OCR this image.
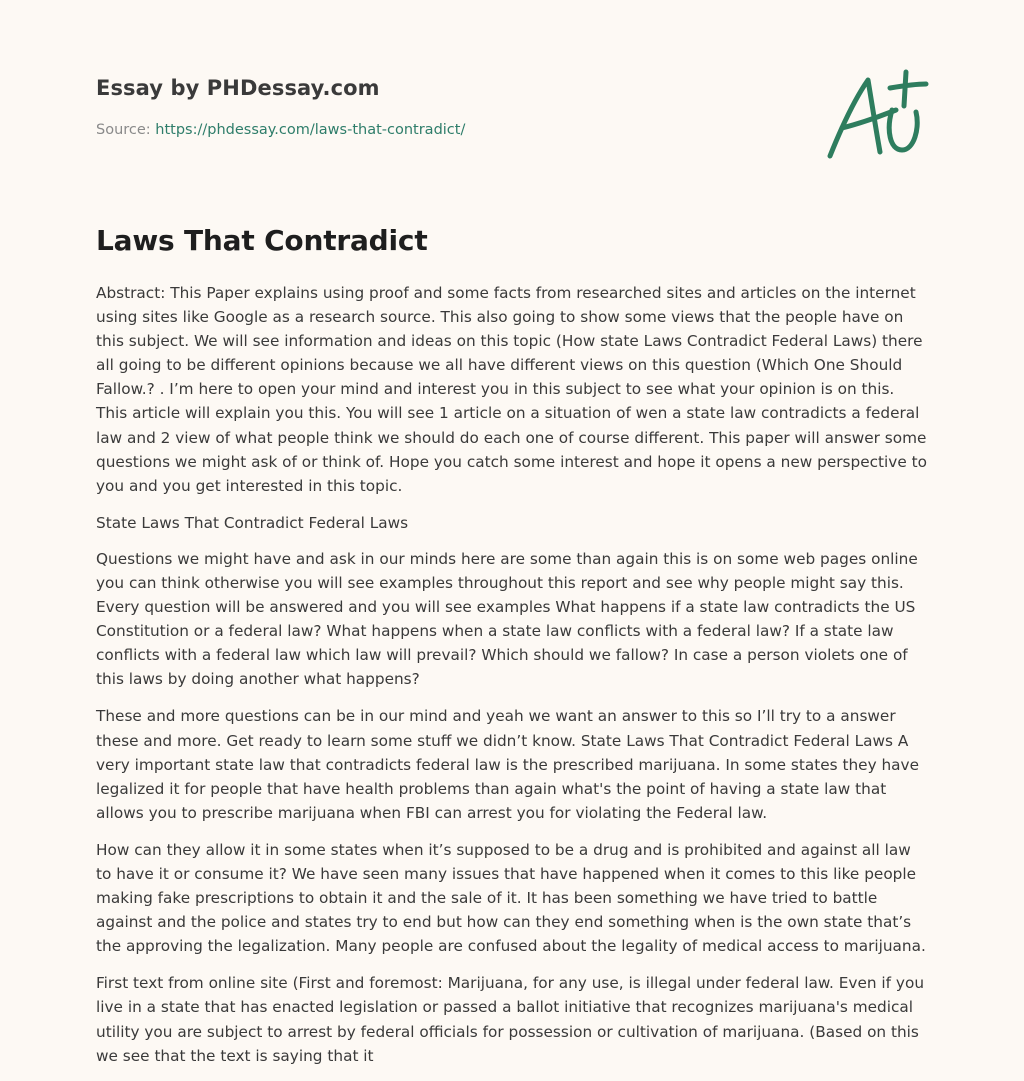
Essay by PHDessay.com
Source: https://phdessay.com/laws-that-contradict/
Laws That Contradict

Abstract: This Paper explains using proof and some facts from researched sites and articles on the internet using sites like Google as a research source. This also going to show some views that the people have on this subject. We will see information and ideas on this topic (How state Laws Contradict Federal Laws) there all going to be different opinions because we all have different views on this question (Which One Should Fallow.? . I’m here to open your mind and interest you in this subject to see what your opinion is on this. This article will explain you this. You will see 1 article on a situation of wen a state law contradicts a federal law and 2 view of what people think we should do each one of course different. This paper will answer some questions we might ask of or think of. Hope you catch some interest and hope it opens a new perspective to you and you get interested in this topic.

State Laws That Contradict Federal Laws

Questions we might have and ask in our minds here are some than again this is on some web pages online you can think otherwise you will see examples throughout this report and see why people might say this. Every question will be answered and you will see examples What happens if a state law contradicts the US Constitution or a federal law? What happens when a state law conflicts with a federal law? If a state law conflicts with a federal law which law will prevail? Which should we fallow? In case a person violets one of this laws by doing another what happens?

These and more questions can be in our mind and yeah we want an answer to this so I’ll try to a answer these and more. Get ready to learn some stuff we didn’t know. State Laws That Contradict Federal Laws A very important state law that contradicts federal law is the prescribed marijuana. In some states they have legalized it for people that have health problems than again what's the point of having a state law that allows you to prescribe marijuana when FBI can arrest you for violating the Federal law.

How can they allow it in some states when it’s supposed to be a drug and is prohibited and against all law to have it or consume it? We have seen many issues that have happened when it comes to this like people making fake prescriptions to obtain it and the sale of it. It has been something we have tried to battle against and the police and states try to end but how can they end something when is the own state that’s the approving the legalization. Many people are confused about the legality of medical access to marijuana.

First text from online site (First and foremost: Marijuana, for any use, is illegal under federal law. Even if you live in a state that has enacted legislation or passed a ballot initiative that recognizes marijuana's medical utility you are subject to arrest by federal officials for possession or cultivation of marijuana. (Based on this we see that the text is saying that it
